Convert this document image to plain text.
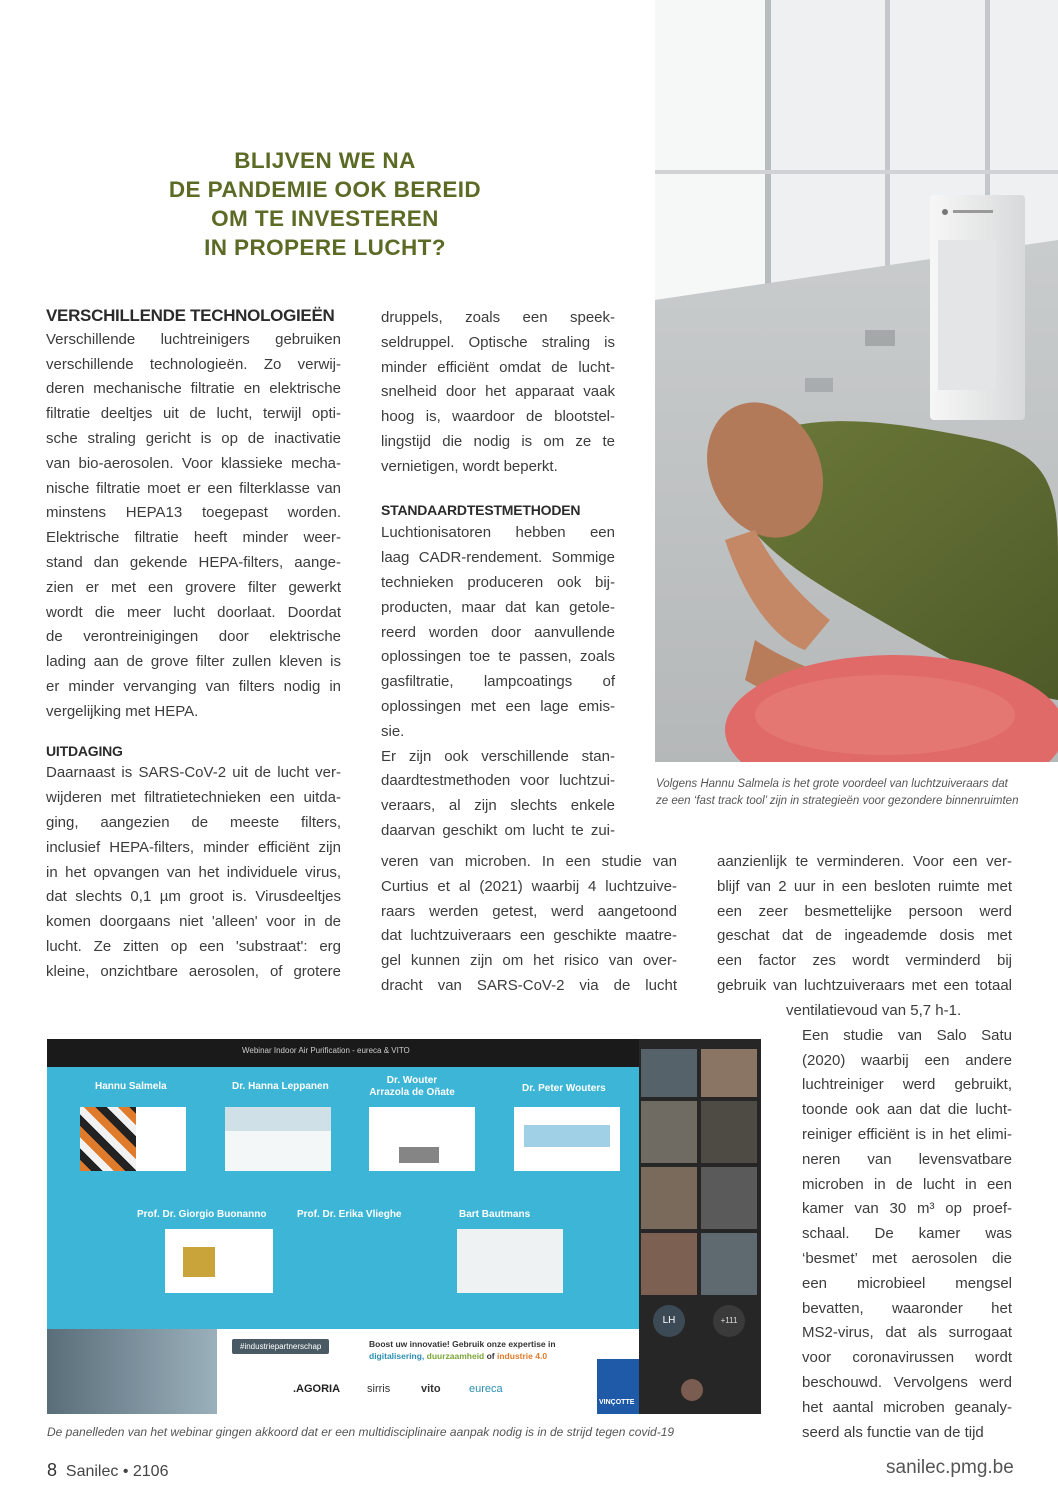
BLIJVEN WE NA
DE PANDEMIE OOK BEREID
OM TE INVESTEREN
IN PROPERE LUCHT?
VERSCHILLENDE TECHNOLOGIEËN
Verschillende luchtreinigers gebruiken
verschillende technologieën. Zo verwij-
deren mechanische filtratie en elektrische
filtratie deeltjes uit de lucht, terwijl opti-
sche straling gericht is op de inactivatie
van bio-aerosolen. Voor klassieke mecha-
nische filtratie moet er een filterklasse van
minstens HEPA13 toegepast worden.
Elektrische filtratie heeft minder weer-
stand dan gekende HEPA-filters, aange-
zien er met een grovere filter gewerkt
wordt die meer lucht doorlaat. Doordat
de verontreinigingen door elektrische
lading aan de grove filter zullen kleven is
er minder vervanging van filters nodig in
vergelijking met HEPA.
UITDAGING
Daarnaast is SARS-CoV-2 uit de lucht ver-
wijderen met filtratietechnieken een uitda-
ging, aangezien de meeste filters,
inclusief HEPA-filters, minder efficiënt zijn
in het opvangen van het individuele virus,
dat slechts 0,1 µm groot is. Virusdeeltjes
komen doorgaans niet 'alleen' voor in de
lucht. Ze zitten op een 'substraat': erg
kleine, onzichtbare aerosolen, of grotere
druppels, zoals een speek-
seldruppel. Optische straling is
minder efficiënt omdat de lucht-
snelheid door het apparaat vaak
hoog is, waardoor de blootstel-
lingstijd die nodig is om ze te
vernietigen, wordt beperkt.
STANDAARDTESTMETHODEN
Luchtionisatoren hebben een
laag CADR-rendement. Sommige
technieken produceren ook bij-
producten, maar dat kan getole-
reerd worden door aanvullende
oplossingen toe te passen, zoals
gasfiltratie, lampcoatings of
oplossingen met een lage emis-
sie.
Er zijn ook verschillende stan-
daardtestmethoden voor luchtzui-
veraars, al zijn slechts enkele
daarvan geschikt om lucht te zui-
veren van microben. In een studie van
Curtius et al (2021) waarbij 4 luchtzuive-
raars werden getest, werd aangetoond
dat luchtzuiveraars een geschikte maatre-
gel kunnen zijn om het risico van over-
dracht van SARS-CoV-2 via de lucht
aanzienlijk te verminderen. Voor een ver-
blijf van 2 uur in een besloten ruimte met
een zeer besmettelijke persoon werd
geschat dat de ingeademde dosis met
een factor zes wordt verminderd bij
gebruik van luchtzuiveraars met een totaal
ventilatievoud van 5,7 h-1.
Een studie van Salo Satu
(2020) waarbij een andere
luchtreiniger werd gebruikt,
toonde ook aan dat die lucht-
reiniger efficiënt is in het elimi-
neren van levensvatbare
microben in de lucht in een
kamer van 30 m³ op proef-
schaal. De kamer was
‘besmet’ met aerosolen die
een microbieel mengsel
bevatten, waaronder het
MS2-virus, dat als surrogaat
voor coronavirussen wordt
beschouwd. Vervolgens werd
het aantal microben geanaly-
seerd als functie van de tijd
Volgens Hannu Salmela is het grote voordeel van luchtzuiveraars dat
ze een ‘fast track tool’ zijn in strategieën voor gezondere binnenruimten
Webinar Indoor Air Purification - eureca & VITO
Hannu Salmela	Dr. Hanna Leppanen
Dr. Wouter Arrazola de Oñate	Dr. Peter Wouters
Prof. Dr. Giorgio Buonanno	Prof. Dr. Erika Vlieghe	Bart Bautmans
#industriepartnerschap	Boost uw innovatie! Gebruik onze expertise in
digitalisering, duurzaamheid of industrie 4.0
.AGORIA sirris	vito	eureca
VINÇOTTE
LH	+111
De panelleden van het webinar gingen akkoord dat er een multidisciplinaire aanpak nodig is in de strijd tegen covid-19
8 Sanilec • 2106	sanilec.pmg.be
